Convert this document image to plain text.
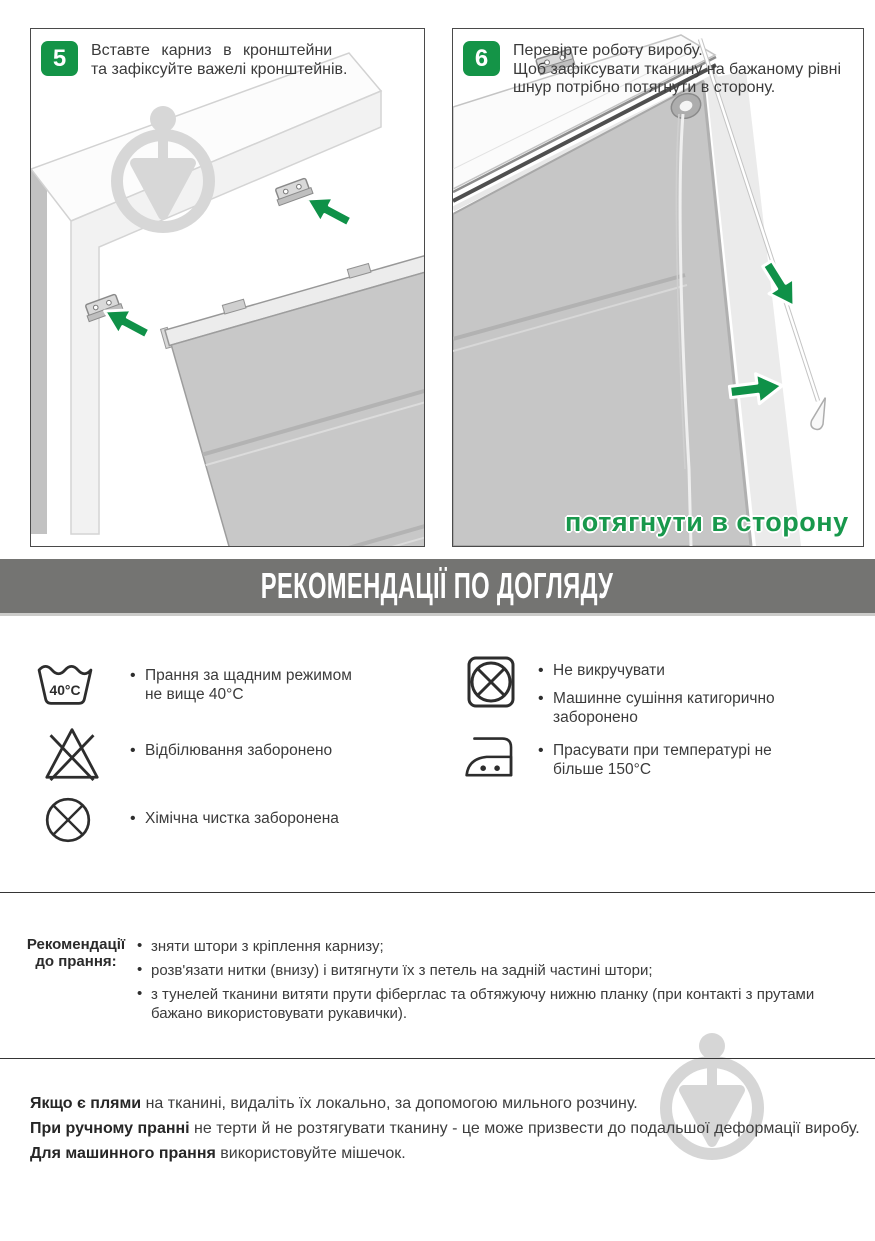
5	Вставте карниз в кронштейни
та зафіксуйте важелі кронштейнів.	6	Перевірте роботу виробу.
Щоб зафіксувати тканину на бажаному рівні
шнур потрібно потягнути в сторону.
потягнути в сторону
РЕКОМЕНДАЦІЇ ПО ДОГЛЯДУ
40°C
• Прання за щадним режимом не вище 40°С
• Відбілювання заборонено
• Хімічна чистка заборонена
• Не викручувати
• Машинне сушіння катигорично заборонено
• Прасувати при температурі не більше 150°С
Рекомендації
до прання:
• зняти штори з кріплення карнизу;
• розв'язати нитки (внизу) і витягнути їх з петель на задній частині штори;
• з тунелей тканини витяти прути фіберглас та обтяжуючу нижню планку (при контакті з прутами бажано використовувати рукавички).

Якщо є плями на тканині, видаліть їх локально, за допомогою мильного розчину.

При ручному пранні не терти й не розтягувати тканину - це може призвести до подальшої деформації виробу.

Для машинного прання використовуйте мішечок.
